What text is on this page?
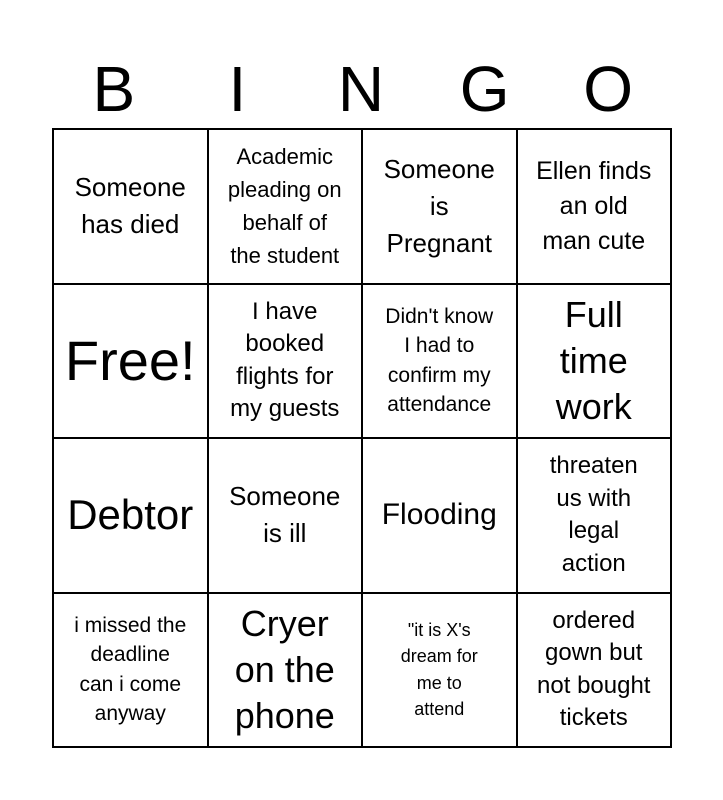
B	I	N	G	O
Someone
has died
Academic
pleading on
behalf of
the student
Someone
is
Pregnant
Ellen finds
an old
man cute
Free!
I have
booked
flights for
my guests
Didn't know
I had to
confirm my
attendance
Full
time
work
Debtor Someone
is ill
Flooding
threaten
us with
legal
action
i missed the
deadline
can i come
anyway
Cryer
on the
phone
"it is X's
dream for
me to
attend
ordered
gown but
not bought
tickets
